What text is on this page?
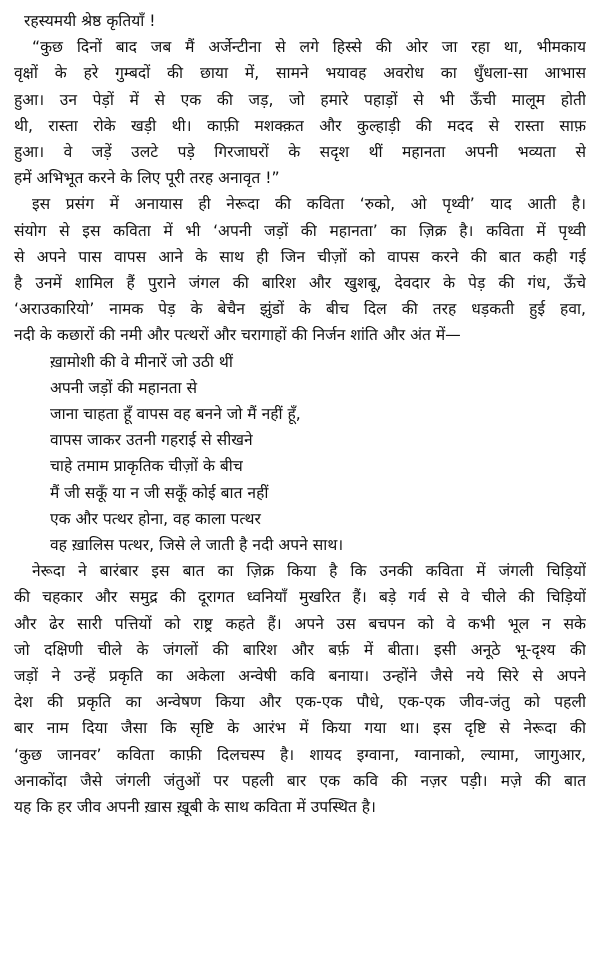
रहस्यमयी श्रेष्ठ कृतियाँ !
“कुछ दिनों बाद जब मैं अर्जेन्टीना से लगे हिस्से की ओर जा रहा था, भीमकाय
वृक्षों के हरे गुम्बदों की छाया में, सामने भयावह अवरोध का धुँधला-सा आभास
हुआ। उन पेड़ों में से एक की जड़, जो हमारे पहाड़ों से भी ऊँची मालूम होती
थी, रास्ता रोके खड़ी थी। काफ़ी मशक्क़त और कुल्हाड़ी की मदद से रास्ता साफ़
हुआ। वे जड़ें उलटे पड़े गिरजाघरों के सदृश थीं महानता अपनी भव्यता से
हमें अभिभूत करने के लिए पूरी तरह अनावृत !”
इस प्रसंग में अनायास ही नेरूदा की कविता ‘रुको, ओ पृथ्वी’ याद आती है।
संयोग से इस कविता में भी ‘अपनी जड़ों की महानता’ का ज़िक्र है। कविता में पृथ्वी
से अपने पास वापस आने के साथ ही जिन चीज़ों को वापस करने की बात कही गई
है उनमें शामिल हैं पुराने जंगल की बारिश और खुशबू, देवदार के पेड़ की गंध, ऊँचे
‘अराउकारियो’ नामक पेड़ के बेचैन झुंडों के बीच दिल की तरह धड़कती हुई हवा,
नदी के कछारों की नमी और पत्थरों और चरागाहों की निर्जन शांति और अंत में—
ख़ामोशी की वे मीनारें जो उठी थीं
अपनी जड़ों की महानता से
जाना चाहता हूँ वापस वह बनने जो मैं नहीं हूँ,
वापस जाकर उतनी गहराई से सीखने
चाहे तमाम प्राकृतिक चीज़ों के बीच
मैं जी सकूँ या न जी सकूँ कोई बात नहीं
एक और पत्थर होना, वह काला पत्थर
वह ख़ालिस पत्थर, जिसे ले जाती है नदी अपने साथ।
नेरूदा ने बारंबार इस बात का ज़िक्र किया है कि उनकी कविता में जंगली चिड़ियों
की चहकार और समुद्र की दूरागत ध्वनियाँ मुखरित हैं। बड़े गर्व से वे चीले की चिड़ियों
और ढेर सारी पत्तियों को राष्ट्र कहते हैं। अपने उस बचपन को वे कभी भूल न सके
जो दक्षिणी चीले के जंगलों की बारिश और बर्फ़ में बीता। इसी अनूठे भू-दृश्य की
जड़ों ने उन्हें प्रकृति का अकेला अन्वेषी कवि बनाया। उन्होंने जैसे नये सिरे से अपने
देश की प्रकृति का अन्वेषण किया और एक-एक पौधे, एक-एक जीव-जंतु को पहली
बार नाम दिया जैसा कि सृष्टि के आरंभ में किया गया था। इस दृष्टि से नेरूदा की
‘कुछ जानवर’ कविता काफ़ी दिलचस्प है। शायद इग्वाना, ग्वानाको, ल्यामा, जागुआर,
अनाकोंदा जैसे जंगली जंतुओं पर पहली बार एक कवि की नज़र पड़ी। मज़े की बात
यह कि हर जीव अपनी ख़ास ख़ूबी के साथ कविता में उपस्थित है।
